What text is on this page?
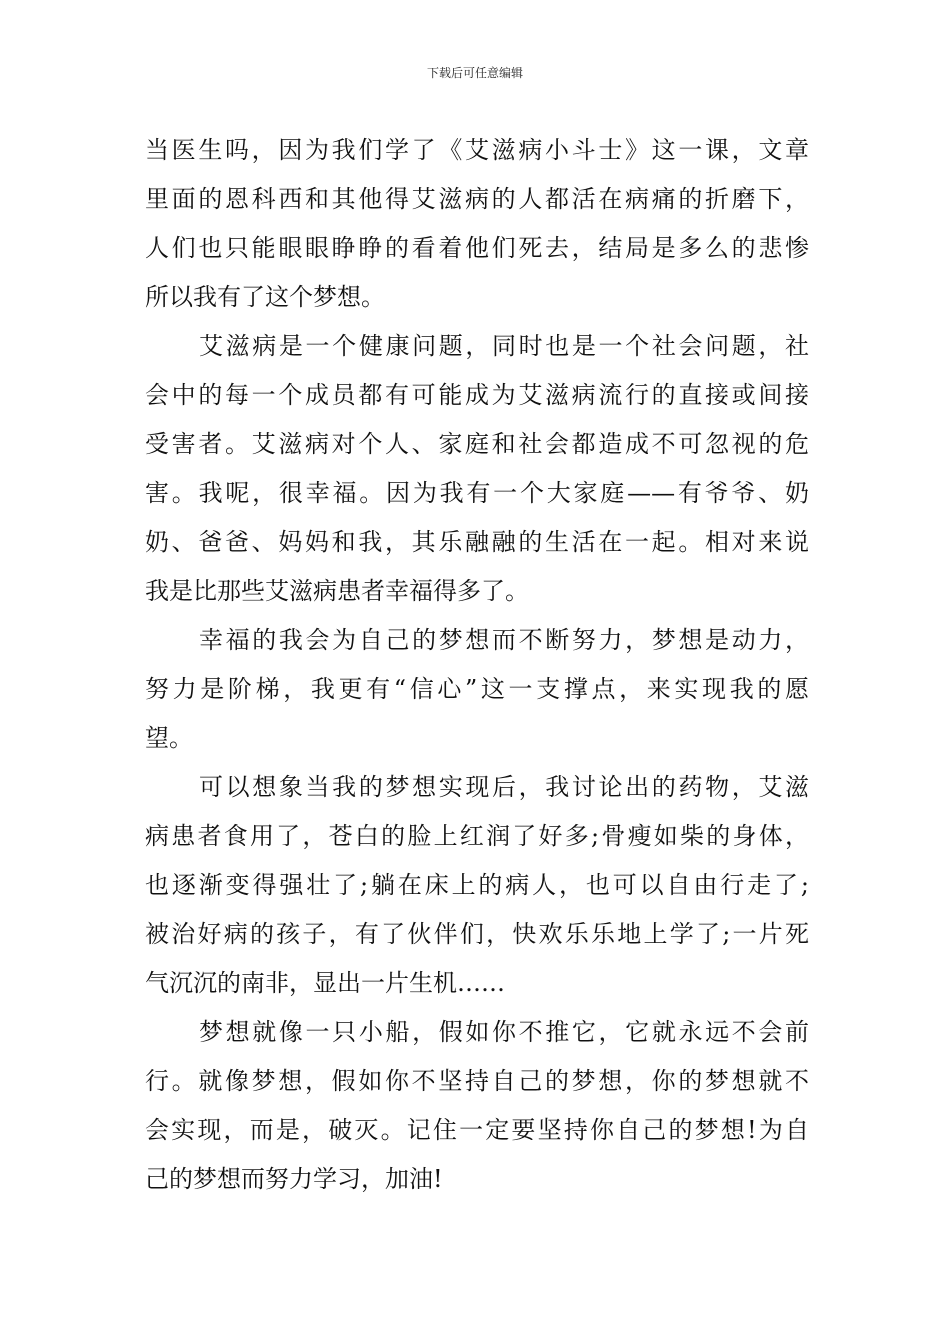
下载后可任意编辑
当医生吗，因为我们学了《艾滋病小斗士》这一课，文章
里面的恩科西和其他得艾滋病的人都活在病痛的折磨下，
人们也只能眼眼睁睁的看着他们死去，结局是多么的悲惨
所以我有了这个梦想。
艾滋病是一个健康问题，同时也是一个社会问题，社
会中的每一个成员都有可能成为艾滋病流行的直接或间接
受害者。艾滋病对个人、家庭和社会都造成不可忽视的危
害。我呢，很幸福。因为我有一个大家庭——有爷爷、奶
奶、爸爸、妈妈和我，其乐融融的生活在一起。相对来说
我是比那些艾滋病患者幸福得多了。
幸福的我会为自己的梦想而不断努力，梦想是动力，
努力是阶梯，我更有“信心”这一支撑点，来实现我的愿
望。
可以想象当我的梦想实现后，我讨论出的药物，艾滋
病患者食用了，苍白的脸上红润了好多;骨瘦如柴的身体，
也逐渐变得强壮了;躺在床上的病人，也可以自由行走了;
被治好病的孩子，有了伙伴们，快欢乐乐地上学了;一片死
气沉沉的南非，显出一片生机……
梦想就像一只小船，假如你不推它，它就永远不会前
行。就像梦想，假如你不坚持自己的梦想，你的梦想就不
会实现，而是，破灭。记住一定要坚持你自己的梦想!为自
己的梦想而努力学习，加油!
